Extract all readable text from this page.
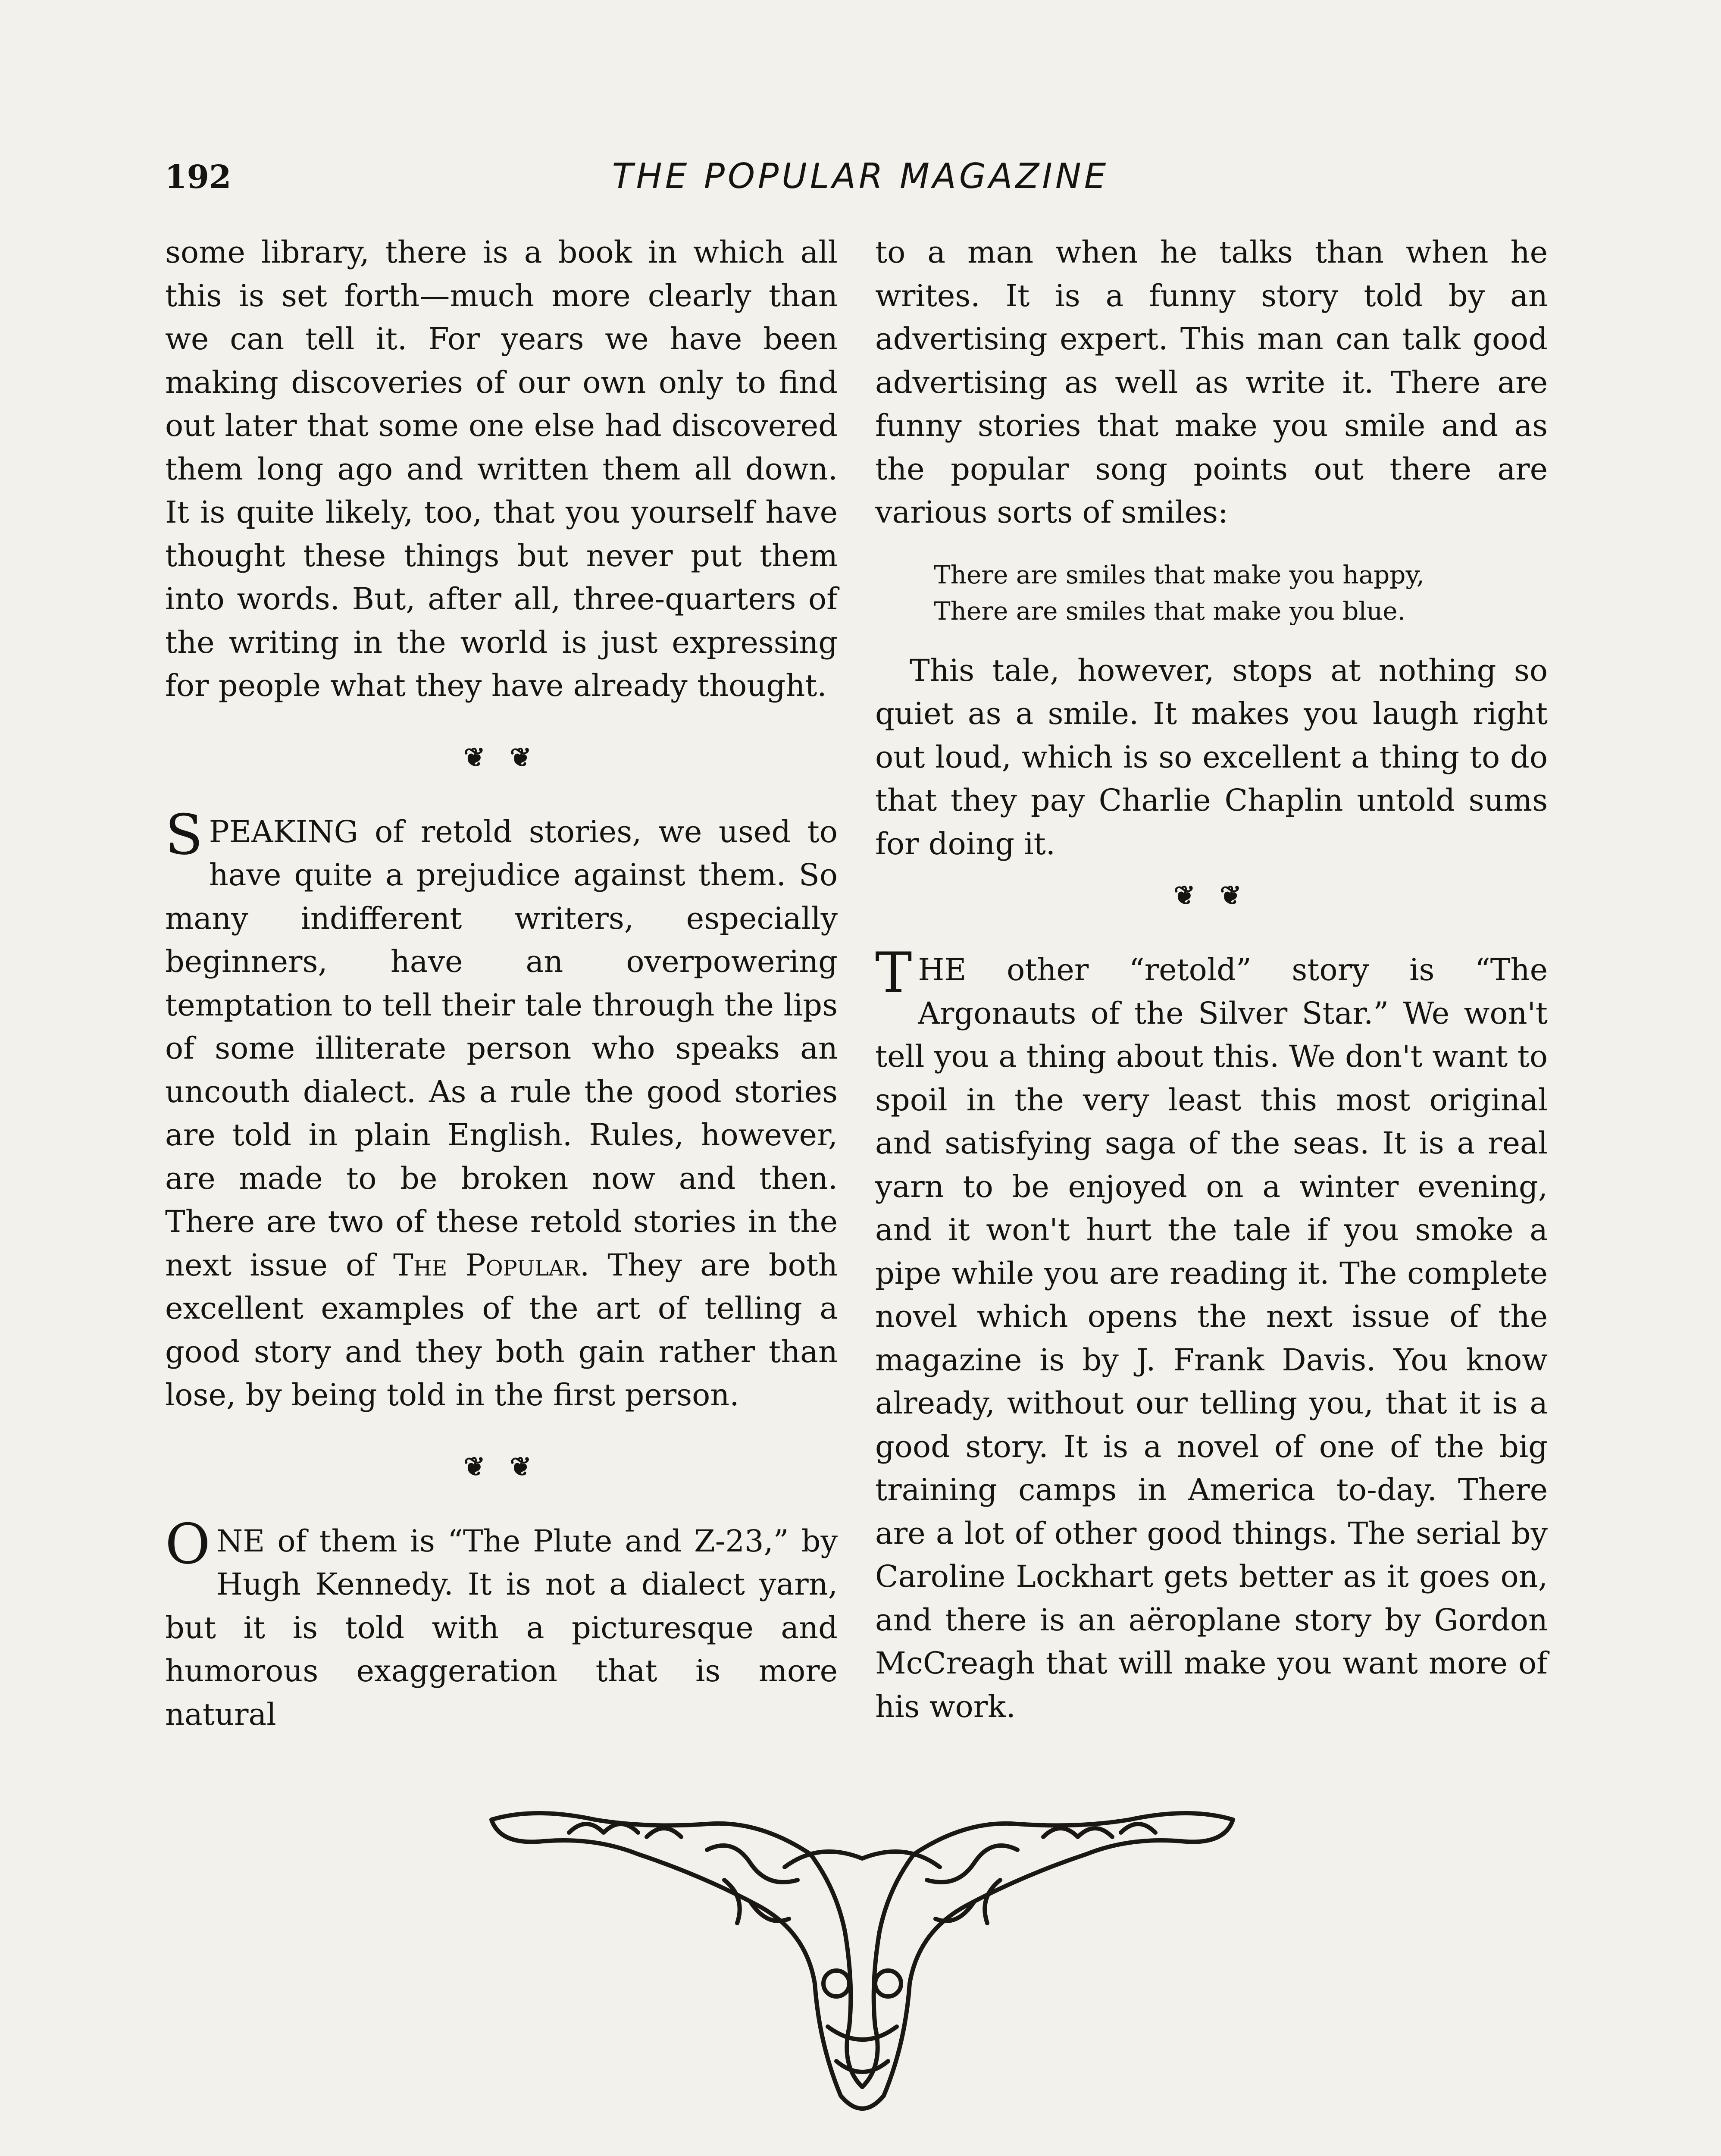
192	THE POPULAR MAGAZINE

some library, there is a book in which all this is set forth—much more clearly than we can tell it. For years we have been making discoveries of our own only to find out later that some one else had discovered them long ago and written them all down. It is quite likely, too, that you yourself have thought these things but never put them into words. But, after all, three-quarters of the writing in the world is just expressing for people what they have already thought.

❦ ❦

SPEAKING of retold stories, we used to have quite a prejudice against them. So many indifferent writers, especially beginners, have an overpowering temptation to tell their tale through the lips of some illiterate person who speaks an uncouth dialect. As a rule the good stories are told in plain English. Rules, however, are made to be broken now and then. There are two of these retold stories in the next issue of The Popular. They are both excellent examples of the art of telling a good story and they both gain rather than lose, by being told in the first person.

❦ ❦

ONE of them is “The Plute and Z-23,” by Hugh Kennedy. It is not a dialect yarn, but it is told with a picturesque and humorous exaggeration that is more natural

to a man when he talks than when he writes. It is a funny story told by an advertising expert. This man can talk good advertising as well as write it. There are funny stories that make you smile and as the popular song points out there are various sorts of smiles:

There are smiles that make you happy,
There are smiles that make you blue.

This tale, however, stops at nothing so quiet as a smile. It makes you laugh right out loud, which is so excellent a thing to do that they pay Charlie Chaplin untold sums for doing it.

❦ ❦

THE other “retold” story is “The Argonauts of the Silver Star.” We won't tell you a thing about this. We don't want to spoil in the very least this most original and satisfying saga of the seas. It is a real yarn to be enjoyed on a winter evening, and it won't hurt the tale if you smoke a pipe while you are reading it. The complete novel which opens the next issue of the magazine is by J. Frank Davis. You know already, without our telling you, that it is a good story. It is a novel of one of the big training camps in America to-day. There are a lot of other good things. The serial by Caroline Lockhart gets better as it goes on, and there is an aëroplane story by Gordon McCreagh that will make you want more of his work.
